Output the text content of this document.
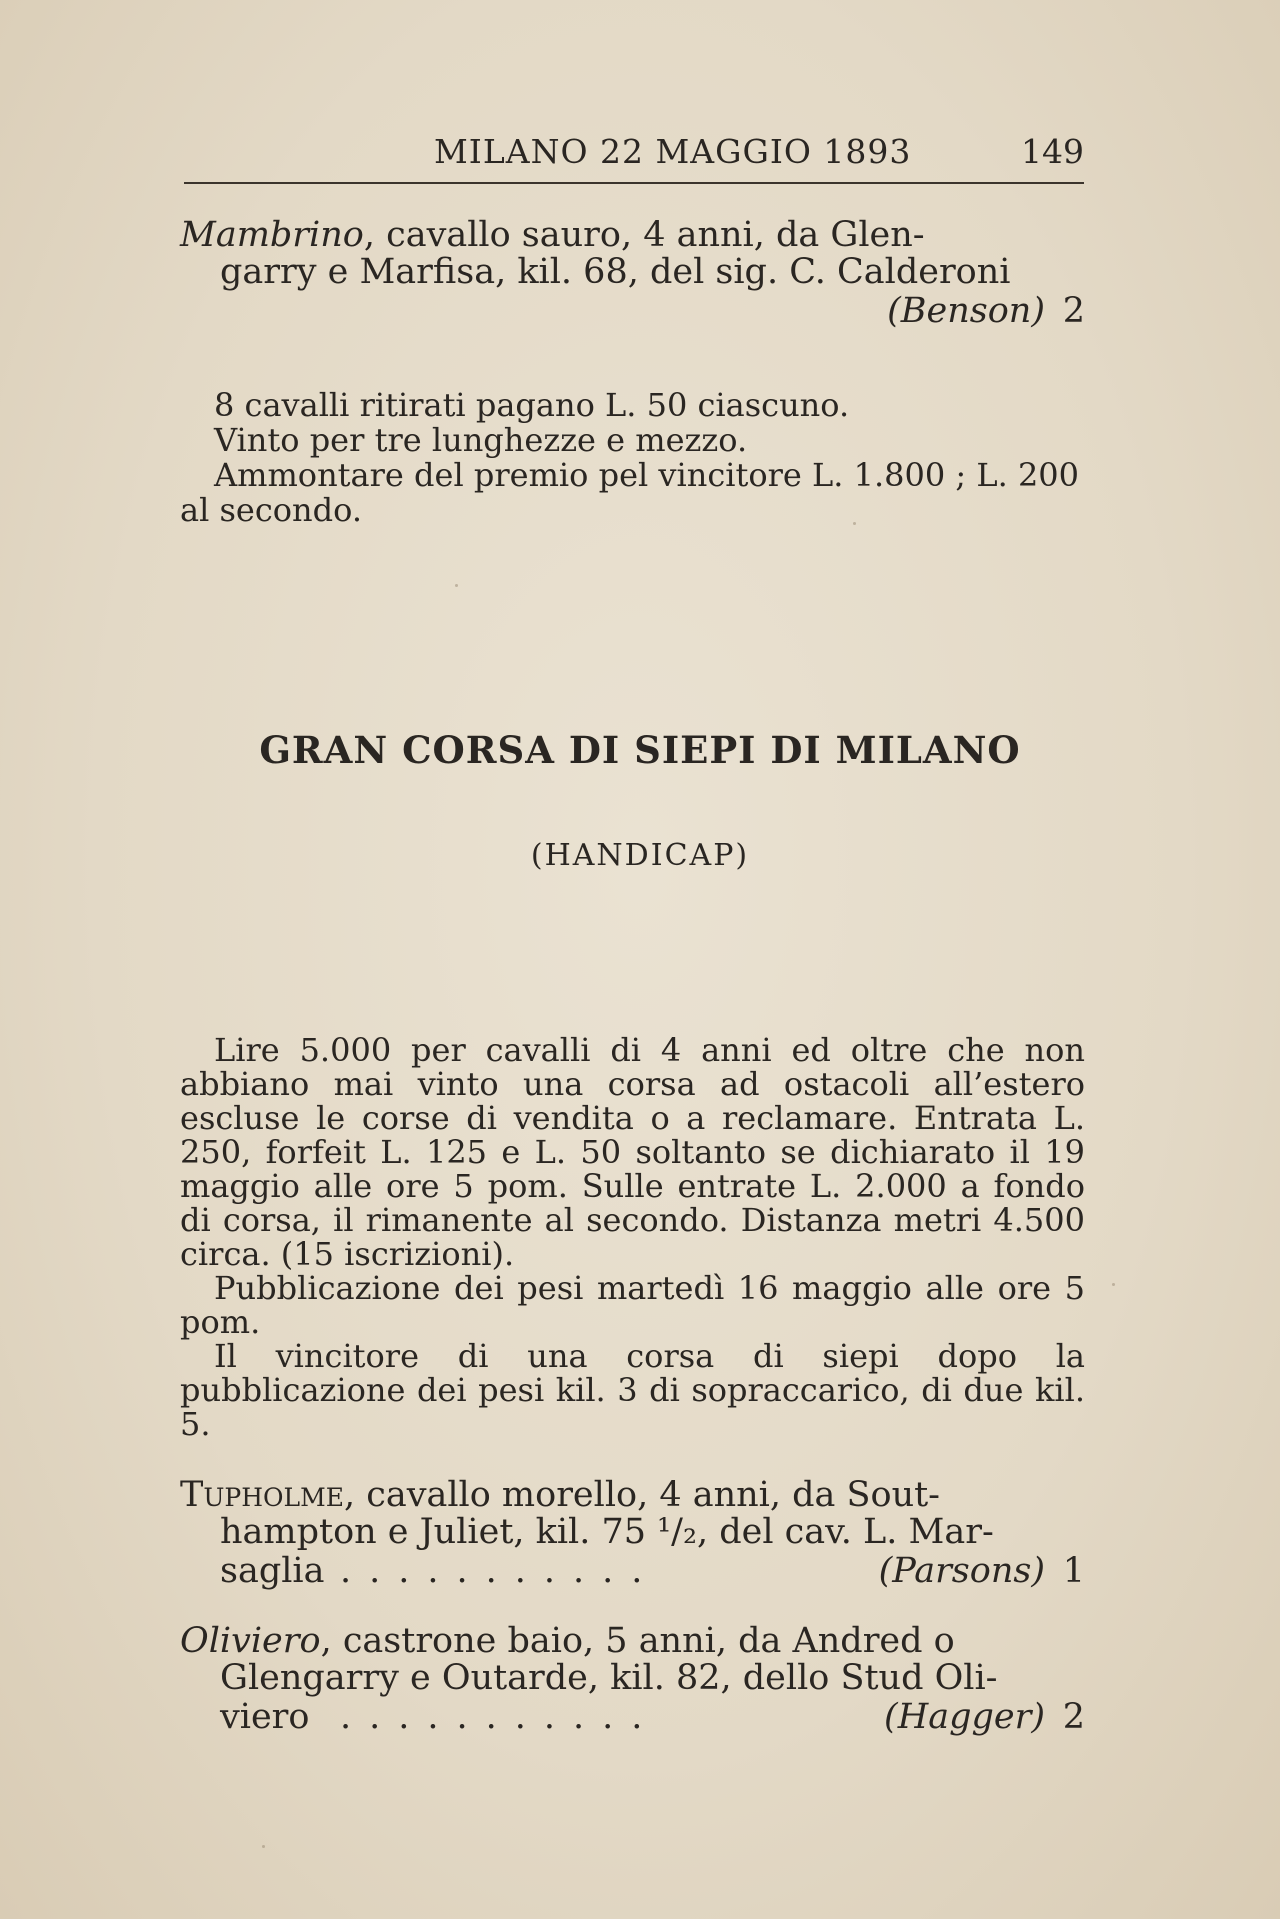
MILANO 22 MAGGIO 1893	149
Mambrino, cavallo sauro, 4 anni, da Glen-
garry e Marfisa, kil. 68, del sig. C. Calderoni
(Benson) 2

8 cavalli ritirati pagano L. 50 ciascuno.

Vinto per tre lunghezze e mezzo.

Ammontare del premio pel vincitore L. 1.800 ; L. 200 al secondo.

GRAN CORSA DI SIEPI DI MILANO
(HANDICAP)

Lire 5.000 per cavalli di 4 anni ed oltre che non abbiano mai vinto una corsa ad ostacoli all’estero escluse le corse di vendita o a reclamare. Entrata L. 250, forfeit L. 125 e L. 50 soltanto se dichiarato il 19 maggio alle ore 5 pom. Sulle entrate L. 2.000 a fondo di corsa, il rimanente al secondo. Distanza metri 4.500 circa. (15 iscrizioni).

Pubblicazione dei pesi martedì 16 maggio alle ore 5 pom.

Il vincitore di una corsa di siepi dopo la pubblicazione dei pesi kil. 3 di sopraccarico, di due kil. 5.

Tupholme, cavallo morello, 4 anni, da Sout-
hampton e Juliet, kil. 75 ¹/₂, del cav. L. Mar-
saglia ...........	(Parsons) 1
Oliviero, castrone baio, 5 anni, da Andred o
Glengarry e Outarde, kil. 82, dello Stud Oli-
viero ...........	(Hagger) 2
